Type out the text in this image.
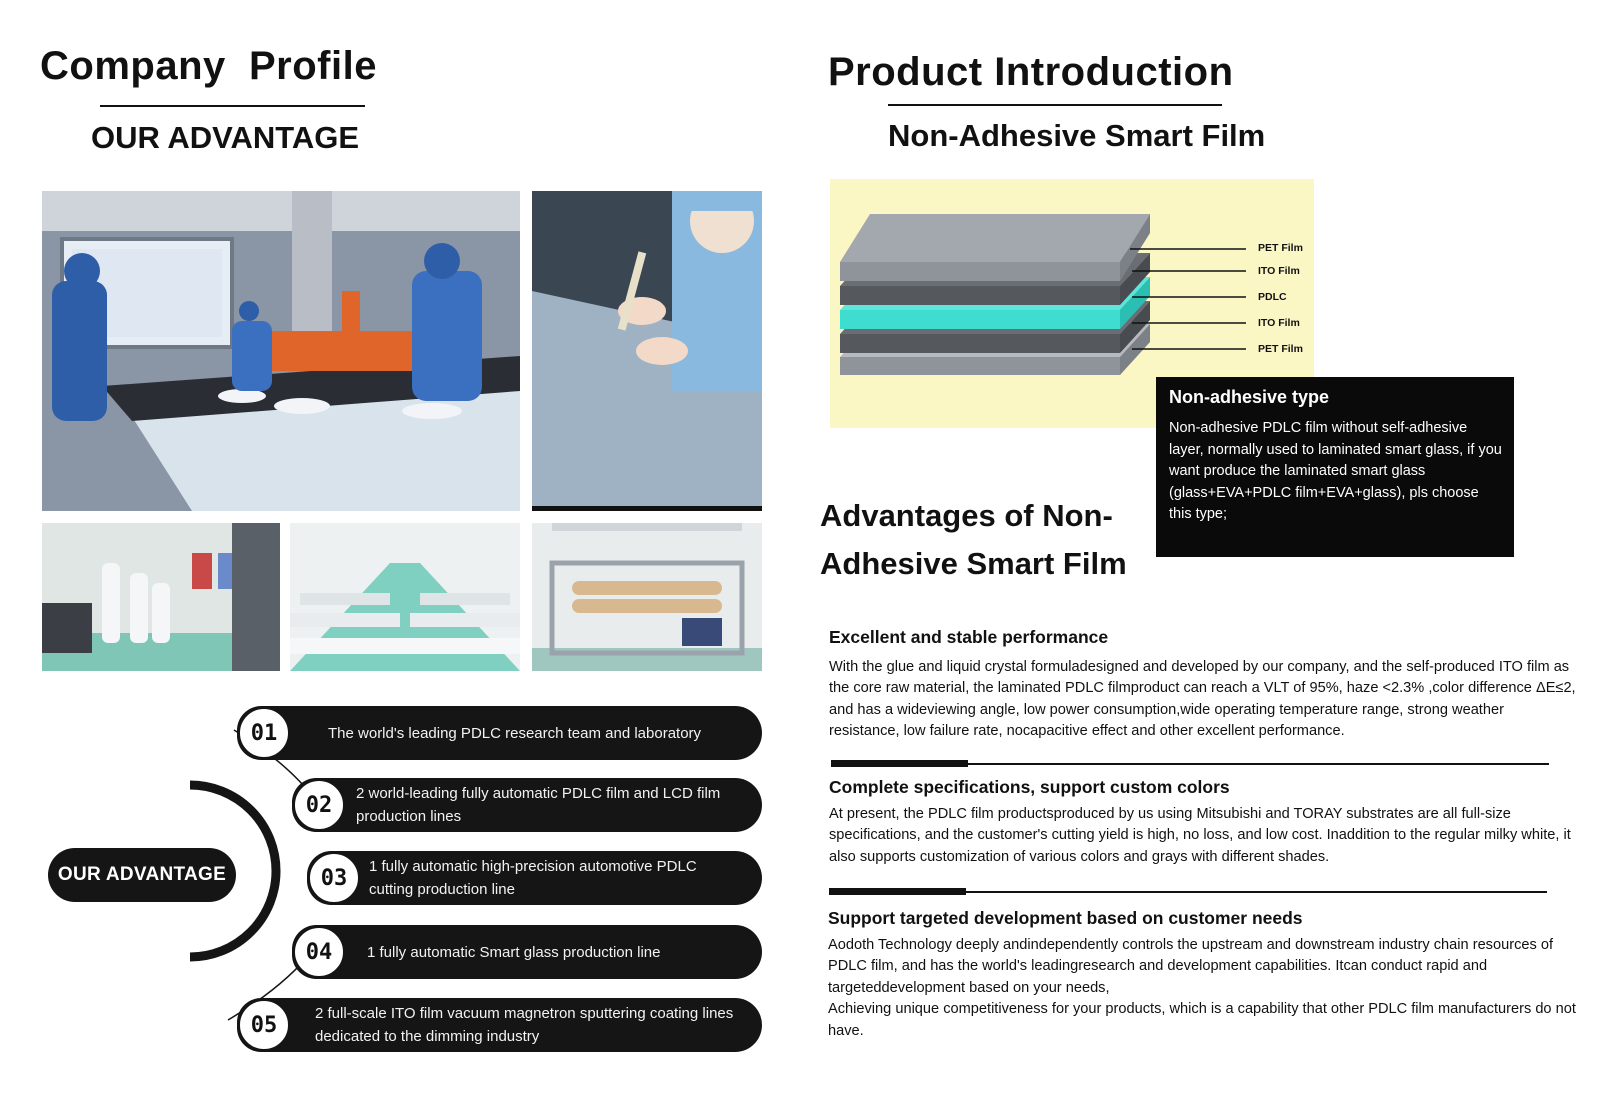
Company  Profile
OUR ADVANTAGE
OUR ADVANTAGE
01	The world's leading PDLC research team and laboratory
02	2 world-leading fully automatic PDLC film and LCD film production lines
03	1 fully automatic high-precision automotive PDLC cutting production line
04	1 fully automatic Smart glass production line
05	2 full-scale ITO film vacuum magnetron sputtering coating lines dedicated to the dimming industry
Product Introduction
Non-Adhesive Smart Film
PET Film
ITO Film
PDLC
ITO Film
PET Film
Non-adhesive type
Non-adhesive PDLC film without self-adhesive layer, normally used to laminated smart glass, if you want produce the laminated smart glass (glass+EVA+PDLC film+EVA+glass), pls choose this type;
Advantages of Non-Adhesive Smart Film
Excellent and stable performance
With the glue and liquid crystal formuladesigned and developed by our company, and the self-produced ITO film as the core raw material, the laminated PDLC filmproduct can reach a VLT of 95%, haze <2.3% ,color difference ΔE≤2, and has a wideviewing angle, low power consumption,wide operating temperature range, strong weather resistance, low failure rate, nocapacitive effect and other excellent performance.
Complete specifications, support custom colors
At present, the PDLC film productsproduced by us using Mitsubishi and TORAY substrates are all full-size specifications, and the customer's cutting yield is high, no loss, and low cost. Inaddition to the regular milky white, it also supports customization of various colors and grays with different shades.
Support targeted development based on customer needs
Aodoth Technology deeply andindependently controls the upstream and downstream industry chain resources of PDLC film, and has the world's leadingresearch and development capabilities. Itcan conduct rapid and targeteddevelopment based on your needs,
Achieving unique competitiveness for your products, which is a capability that other PDLC film manufacturers do not have.
